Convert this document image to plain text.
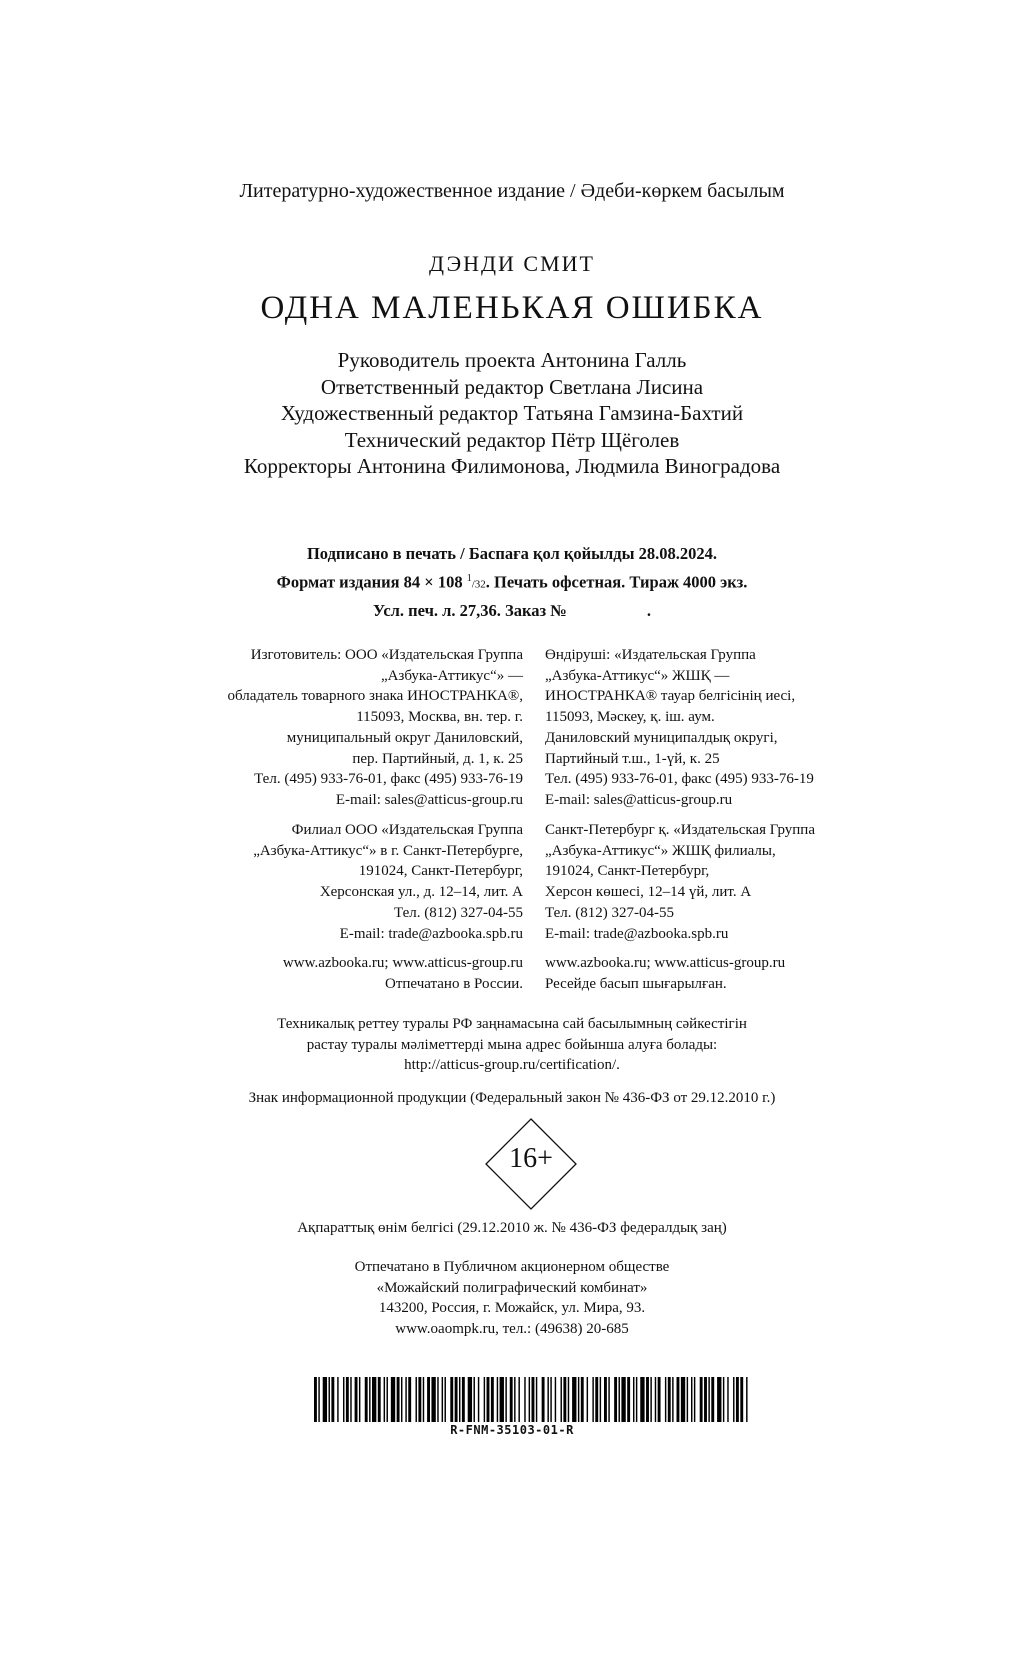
Литературно-художественное издание / Әдеби-көркем басылым
ДЭНДИ СМИТ
ОДНА МАЛЕНЬКАЯ ОШИБКА
Руководитель проекта Антонина Галль
Ответственный редактор Светлана Лисина
Художественный редактор Татьяна Гамзина-Бахтий
Технический редактор Пётр Щёголев
Корректоры Антонина Филимонова, Людмила Виноградова
Подписано в печать / Баспаға қол қойылды 28.08.2024.
Формат издания 84 × 108 $^1$/32. Печать офсетная. Тираж 4000 экз.
Усл. печ. л. 27,36. Заказ №	.
Изготовитель: ООО «Издательская Группа
„Азбука-Аттикус“» —
обладатель товарного знака ИНОСТРАНКА®,
115093, Москва, вн. тер. г.
муниципальный округ Даниловский,
пер. Партийный, д. 1, к. 25
Тел. (495) 933-76-01, факс (495) 933-76-19
E-mail: sales@atticus-group.ru
Өндіруші: «Издательская Группа
„Азбука-Аттикус“» ЖШҚ —
ИНОСТРАНКА® тауар белгісінің иесі,
115093, Мәскеу, қ. іш. аум.
Даниловский муниципалдық округі,
Партийный т.ш., 1-үй, к. 25
Тел. (495) 933-76-01, факс (495) 933-76-19
E-mail: sales@atticus-group.ru
Филиал ООО «Издательская Группа
„Азбука-Аттикус“» в г. Санкт-Петербурге,
191024, Санкт-Петербург,
Херсонская ул., д. 12–14, лит. А
Тел. (812) 327-04-55
E-mail: trade@azbooka.spb.ru
Санкт-Петербург қ. «Издательская Группа
„Азбука-Аттикус“» ЖШҚ филиалы,
191024, Санкт-Петербург,
Херсон көшесі, 12–14 үй, лит. А
Тел. (812) 327-04-55
E-mail: trade@azbooka.spb.ru
www.azbooka.ru; www.atticus-group.ru
Отпечатано в России.
www.azbooka.ru; www.atticus-group.ru
Ресейде басып шығарылған.
Техникалық реттеу туралы РФ заңнамасына сай басылымның сәйкестігін
растау туралы мәліметтерді мына адрес бойынша алуға болады:
http://atticus-group.ru/certification/.
Знак информационной продукции (Федеральный закон № 436-ФЗ от 29.12.2010 г.)
16+
Ақпараттық өнім белгісі (29.12.2010 ж. № 436-ФЗ федералдық заң)
Отпечатано в Публичном акционерном обществе
«Можайский полиграфический комбинат»
143200, Россия, г. Можайск, ул. Мира, 93.
www.oaompk.ru, тел.: (49638) 20-685
R-FNM-35103-01-R
